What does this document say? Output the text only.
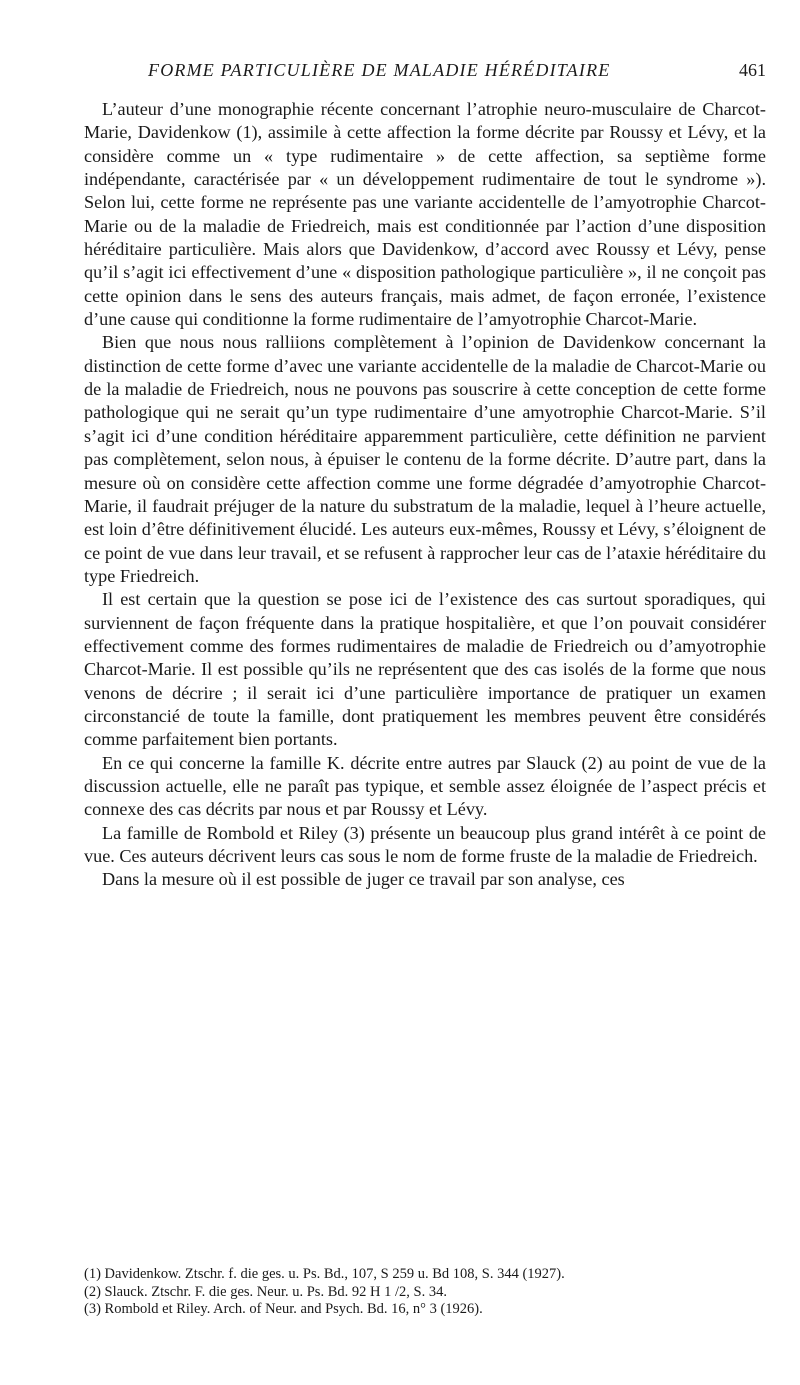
FORME PARTICULIÈRE DE MALADIE HÉRÉDITAIRE	461

L’auteur d’une monographie récente concernant l’atrophie neuro-musculaire de Charcot-Marie, Davidenkow (1), assimile à cette affection la forme décrite par Roussy et Lévy, et la considère comme un « type rudimentaire » de cette affection, sa septième forme indépendante, caractérisée par « un développement rudimentaire de tout le syndrome »). Selon lui, cette forme ne représente pas une variante accidentelle de l’amyotrophie Charcot-Marie ou de la maladie de Friedreich, mais est conditionnée par l’action d’une disposition héréditaire particulière. Mais alors que Davidenkow, d’accord avec Roussy et Lévy, pense qu’il s’agit ici effectivement d’une « disposition pathologique particulière », il ne conçoit pas cette opinion dans le sens des auteurs français, mais admet, de façon erronée, l’existence d’une cause qui conditionne la forme rudimentaire de l’amyotrophie Charcot-Marie.

Bien que nous nous ralliions complètement à l’opinion de Davidenkow concernant la distinction de cette forme d’avec une variante accidentelle de la maladie de Charcot-Marie ou de la maladie de Friedreich, nous ne pouvons pas souscrire à cette conception de cette forme pathologique qui ne serait qu’un type rudimentaire d’une amyotrophie Charcot-Marie. S’il s’agit ici d’une condition héréditaire apparemment particulière, cette définition ne parvient pas complètement, selon nous, à épuiser le contenu de la forme décrite. D’autre part, dans la mesure où on considère cette affection comme une forme dégradée d’amyotrophie Charcot-Marie, il faudrait préjuger de la nature du substratum de la maladie, lequel à l’heure actuelle, est loin d’être définitivement élucidé. Les auteurs eux-mêmes, Roussy et Lévy, s’éloignent de ce point de vue dans leur travail, et se refusent à rapprocher leur cas de l’ataxie héréditaire du type Friedreich.

Il est certain que la question se pose ici de l’existence des cas surtout sporadiques, qui surviennent de façon fréquente dans la pratique hospitalière, et que l’on pouvait considérer effectivement comme des formes rudimentaires de maladie de Friedreich ou d’amyotrophie Charcot-Marie. Il est possible qu’ils ne représentent que des cas isolés de la forme que nous venons de décrire ; il serait ici d’une particulière importance de pratiquer un examen circonstancié de toute la famille, dont pratiquement les membres peuvent être considérés comme parfaitement bien portants.

En ce qui concerne la famille K. décrite entre autres par Slauck (2) au point de vue de la discussion actuelle, elle ne paraît pas typique, et semble assez éloignée de l’aspect précis et connexe des cas décrits par nous et par Roussy et Lévy.

La famille de Rombold et Riley (3) présente un beaucoup plus grand intérêt à ce point de vue. Ces auteurs décrivent leurs cas sous le nom de forme fruste de la maladie de Friedreich.

Dans la mesure où il est possible de juger ce travail par son analyse, ces

(1) Davidenkow. Ztschr. f. die ges. u. Ps. Bd., 107, S 259 u. Bd 108, S. 344 (1927).
(2) Slauck. Ztschr. F. die ges. Neur. u. Ps. Bd. 92 H 1 /2, S. 34.
(3) Rombold et Riley. Arch. of Neur. and Psych. Bd. 16, n° 3 (1926).
